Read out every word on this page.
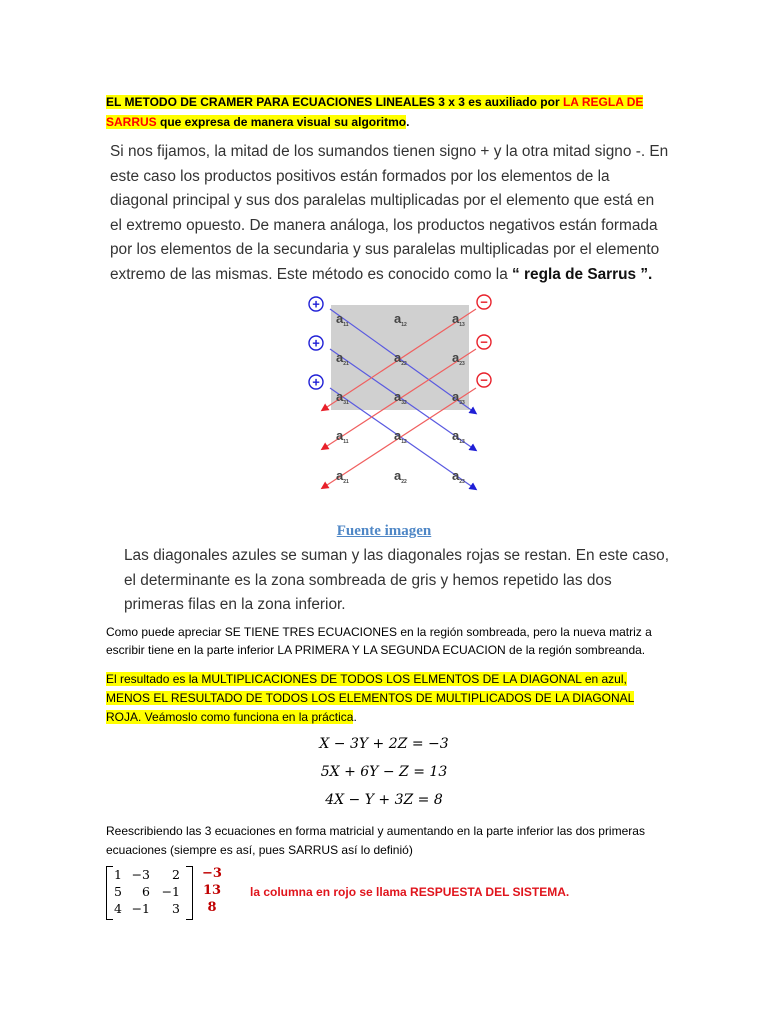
EL METODO DE CRAMER PARA ECUACIONES LINEALES 3 x 3 es auxiliado por LA REGLA DE SARRUS que expresa de manera visual su algoritmo.
Si nos fijamos, la mitad de los sumandos tienen signo + y la otra mitad signo -. En este caso los productos positivos están formados por los elementos de la diagonal principal y sus dos paralelas multiplicadas por el elemento que está en el extremo opuesto. De manera análoga, los productos negativos están formada por los elementos de la secundaria y sus paralelas multiplicadas por el elemento extremo de las mismas. Este método es conocido como la “ regla de Sarrus ”.
+
+
+
−
−
−
$a_{11}$	$a_{12}$	$a_{13}$
$a_{21}$	$a_{22}$	$a_{23}$
$a_{31}$	$a_{32}$	$a_{33}$
$a_{11}$	$a_{12}$	$a_{13}$
$a_{21}$	$a_{22}$	$a_{23}$
Fuente imagen
Las diagonales azules se suman y las diagonales rojas se restan. En este caso, el determinante es la zona sombreada de gris y hemos repetido las dos primeras filas en la zona inferior.
Como puede apreciar SE TIENE TRES ECUACIONES en la región sombreada, pero la nueva matriz a escribir tiene en la parte inferior LA PRIMERA Y LA SEGUNDA ECUACION de la región sombreanda.
El resultado es la MULTIPLICACIONES DE TODOS LOS ELMENTOS DE LA DIAGONAL en azul, MENOS EL RESULTADO DE TODOS LOS ELEMENTOS DE MULTIPLICADOS DE LA DIAGONAL ROJA. Veámoslo como funciona en la práctica.
X − 3Y + 2Z = −3
5X + 6Y − Z = 13
4X − Y + 3Z = 8
Reescribiendo las 3 ecuaciones en forma matricial y aumentando en la parte inferior las dos primeras ecuaciones (siempre es así, pues SARRUS así lo definió)
1 −3	2
5	6 −1
4 −1	3
−3
13
8
la columna en rojo se llama RESPUESTA DEL SISTEMA.
